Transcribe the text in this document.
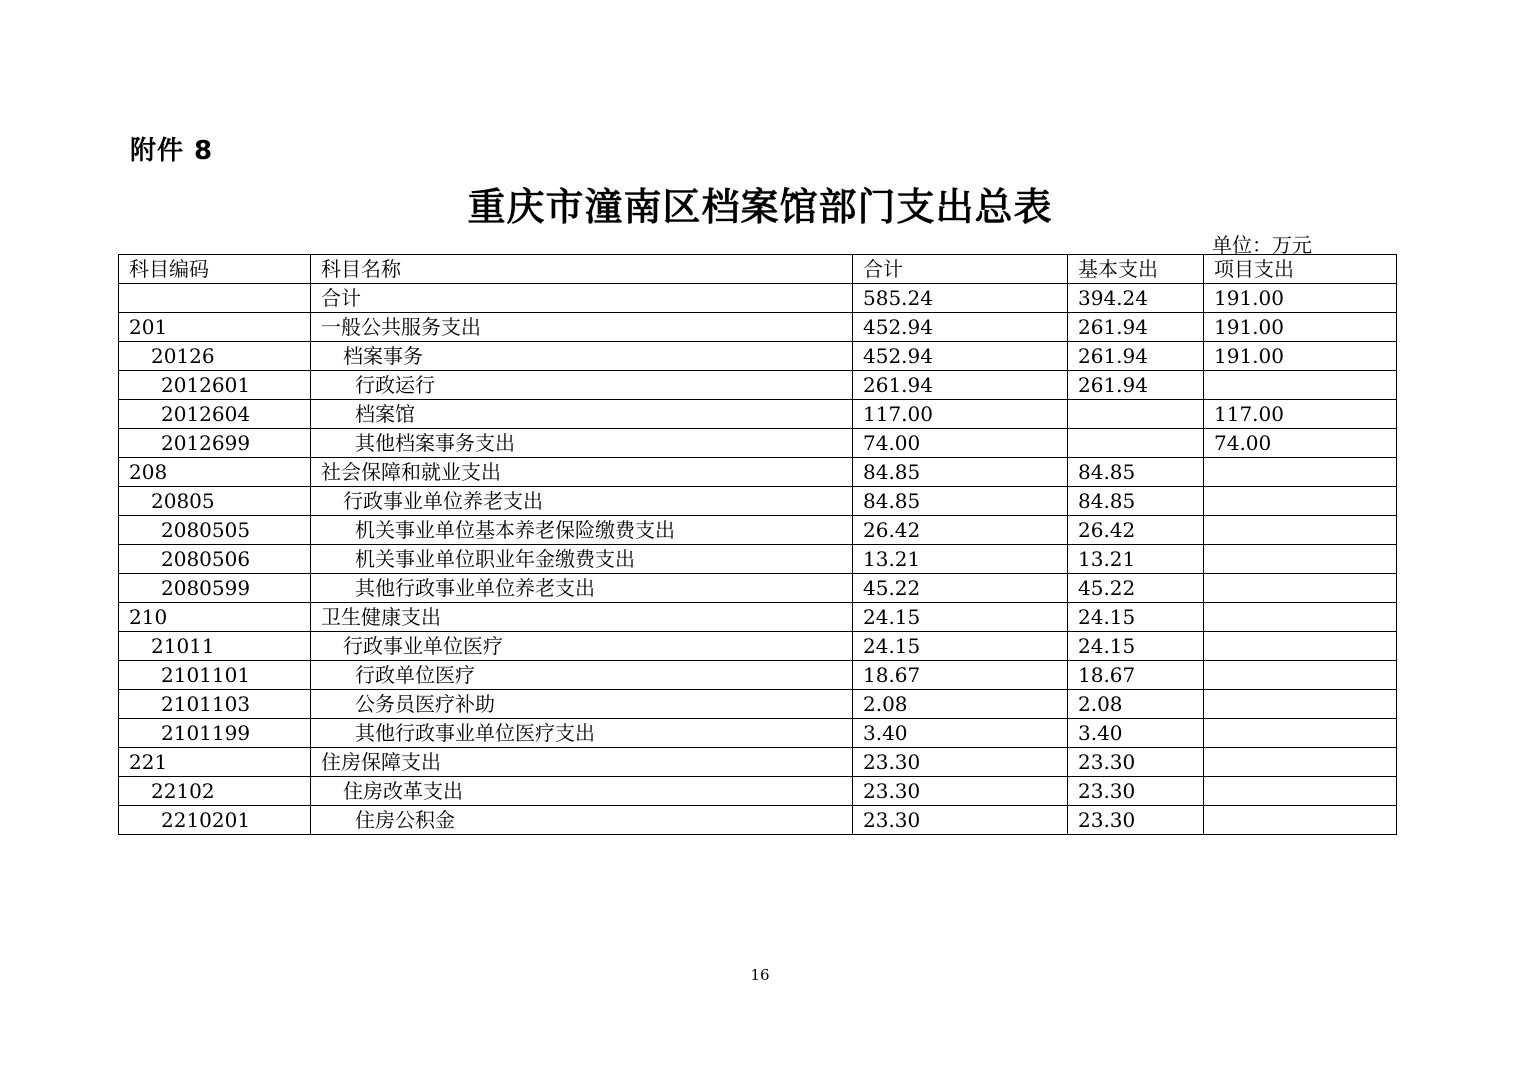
附件 8
重庆市潼南区档案馆部门支出总表
单位：万元
科目编码	科目名称	合计	基本支出	项目支出
	合计	585.24	394.24	191.00
201	一般公共服务支出	452.94	261.94	191.00
20126	档案事务	452.94	261.94	191.00
2012601	行政运行	261.94	261.94	
2012604	档案馆	117.00		117.00
2012699	其他档案事务支出	74.00		74.00
208	社会保障和就业支出	84.85	84.85	
20805	行政事业单位养老支出	84.85	84.85	
2080505	机关事业单位基本养老保险缴费支出	26.42	26.42	
2080506	机关事业单位职业年金缴费支出	13.21	13.21	
2080599	其他行政事业单位养老支出	45.22	45.22	
210	卫生健康支出	24.15	24.15	
21011	行政事业单位医疗	24.15	24.15	
2101101	行政单位医疗	18.67	18.67	
2101103	公务员医疗补助	2.08	2.08	
2101199	其他行政事业单位医疗支出	3.40	3.40	
221	住房保障支出	23.30	23.30	
22102	住房改革支出	23.30	23.30	
2210201	住房公积金	23.30	23.30	
16
